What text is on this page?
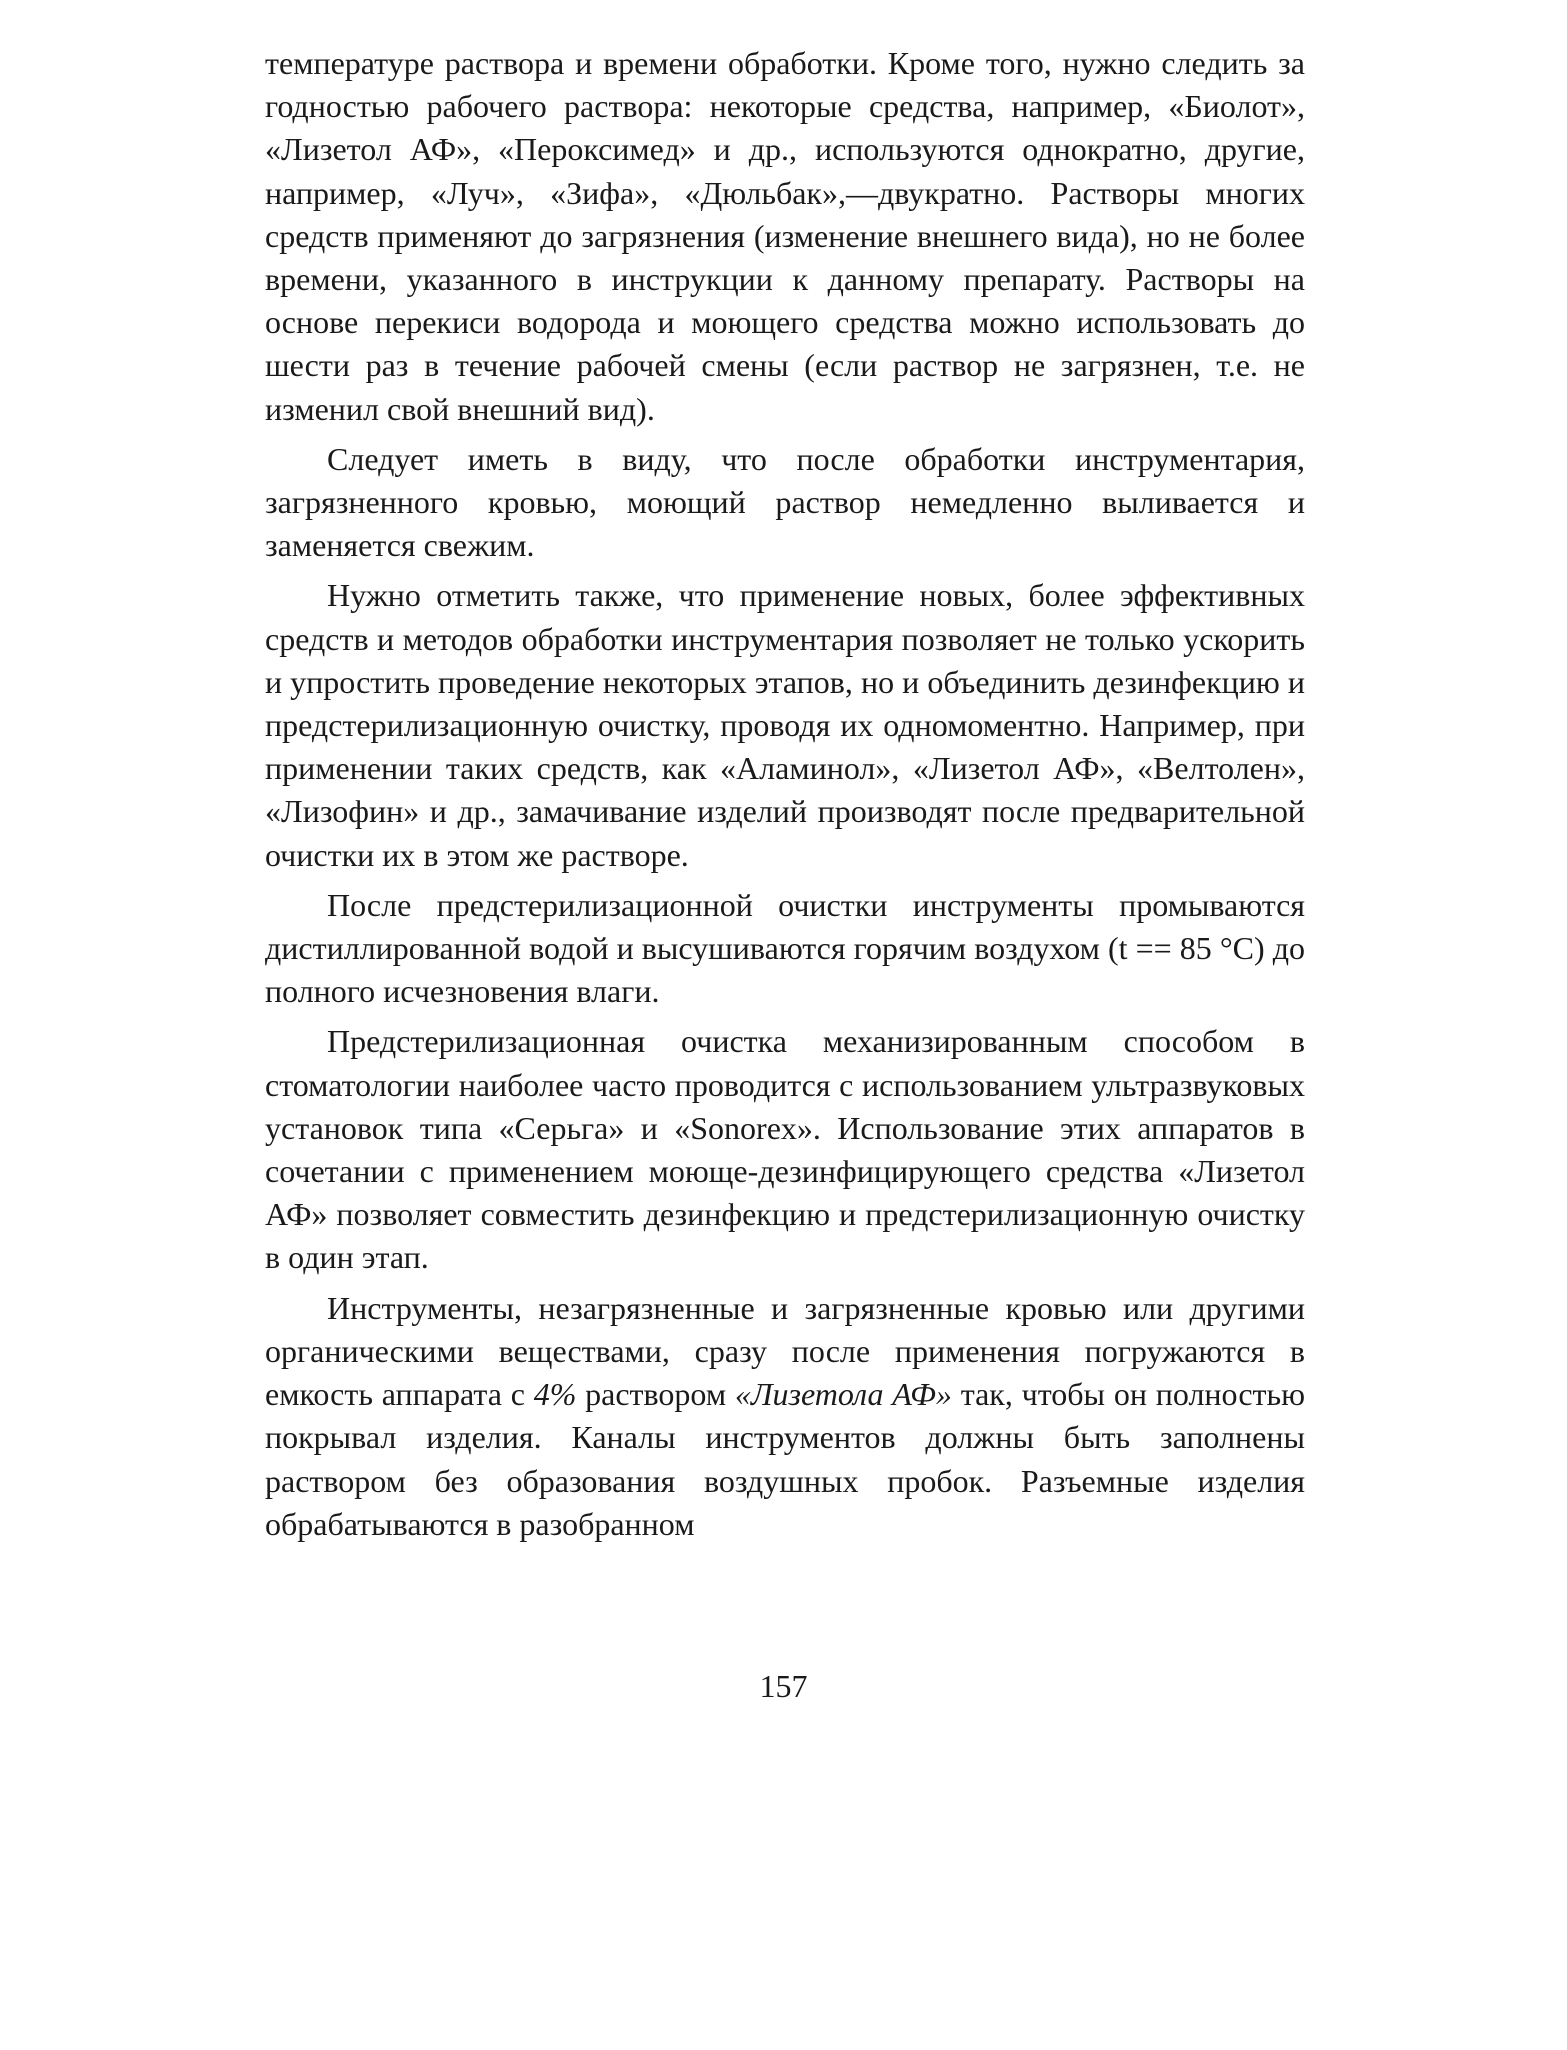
температуре раствора и времени обработки. Кроме того, нужно следить за годностью рабочего раствора: некоторые средства, например, «Биолот», «Лизетол АФ», «Пероксимед» и др., используются однократно, другие, например, «Луч», «Зифа», «Дюльбак»,—двукратно. Растворы многих средств применяют до загрязнения (изменение внешнего вида), но не более времени, указанного в инструкции к данному препарату. Растворы на основе перекиси водорода и моющего средства можно использовать до шести раз в течение рабочей смены (если раствор не загрязнен, т.е. не изменил свой внешний вид).

Следует иметь в виду, что после обработки инструментария, загрязненного кровью, моющий раствор немедленно выливается и заменяется свежим.

Нужно отметить также, что применение новых, более эффективных средств и методов обработки инструментария позволяет не только ускорить и упростить проведение некоторых этапов, но и объединить дезинфекцию и предстерилизационную очистку, проводя их одномоментно. Например, при применении таких средств, как «Аламинол», «Лизетол АФ», «Велтолен», «Лизофин» и др., замачивание изделий производят после предварительной очистки их в этом же растворе.

После предстерилизационной очистки инструменты промываются дистиллированной водой и высушиваются горячим воздухом (t == 85 °С) до полного исчезновения влаги.

Предстерилизационная очистка механизированным способом в стоматологии наиболее часто проводится с использованием ультразвуковых установок типа «Серьга» и «Sonorex». Использование этих аппаратов в сочетании с применением моюще-дезинфицирующего средства «Лизетол АФ» позволяет совместить дезинфекцию и предстерилизационную очистку в один этап.

Инструменты, незагрязненные и загрязненные кровью или другими органическими веществами, сразу после применения погружаются в емкость аппарата с 4% раствором «Лизетола АФ» так, чтобы он полностью покрывал изделия. Каналы инструментов должны быть заполнены раствором без образования воздушных пробок. Разъемные изделия обрабатываются в разобранном

157
